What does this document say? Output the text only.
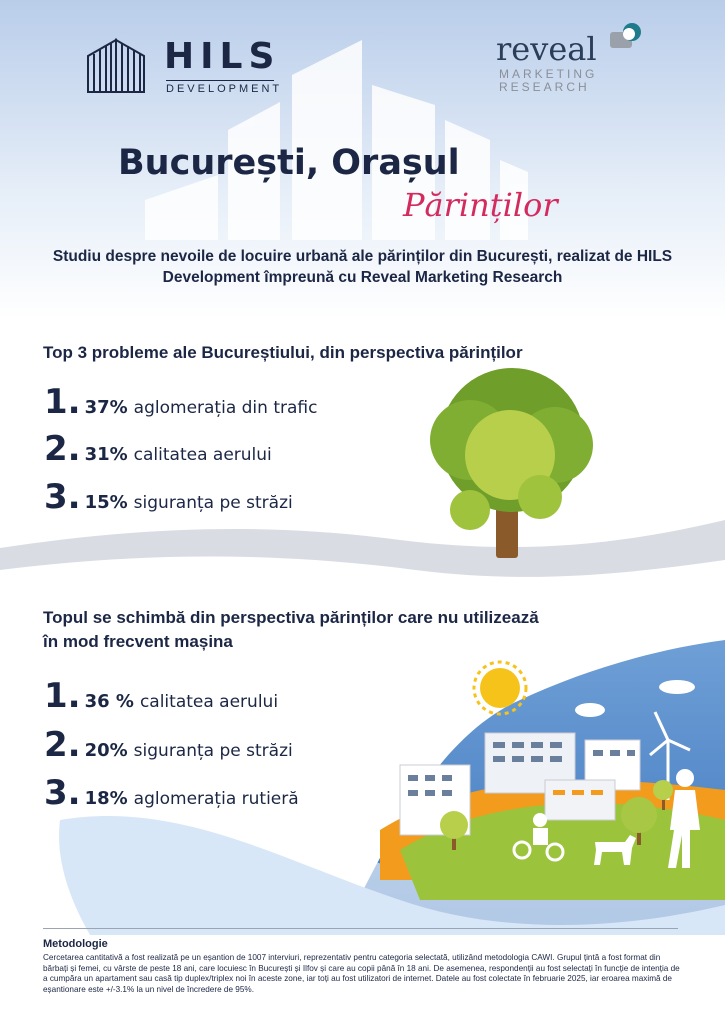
HILS
DEVELOPMENT
reveal
MARKETING
RESEARCH
București, Orașul
Părinților
Studiu despre nevoile de locuire urbană ale părinților din București, realizat de HILS Development împreună cu Reveal Marketing Research
Top 3 probleme ale Bucureștiului, din perspectiva părinților
1. 37% aglomerația din trafic
2. 31% calitatea aerului
3. 15% siguranța pe străzi
Topul se schimbă din perspectiva părinților care nu utilizează
în mod frecvent mașina
1. 36 % calitatea aerului
2. 20% siguranța pe străzi
3. 18% aglomerația rutieră
Metodologie
Cercetarea cantitativă a fost realizată pe un eșantion de 1007 interviuri, reprezentativ pentru categoria selectată, utilizând metodologia CAWI. Grupul țintă a fost format din bărbați și femei, cu vârste de peste 18 ani, care locuiesc în București și Ilfov și care au copii până în 18 ani. De asemenea, respondenții au fost selectați în funcție de intenția de a cumpăra un apartament sau casă tip duplex/triplex noi în aceste zone, iar toți au fost utilizatori de internet. Datele au fost colectate în februarie 2025, iar eroarea maximă de eșantionare este +/-3.1% la un nivel de încredere de 95%.
